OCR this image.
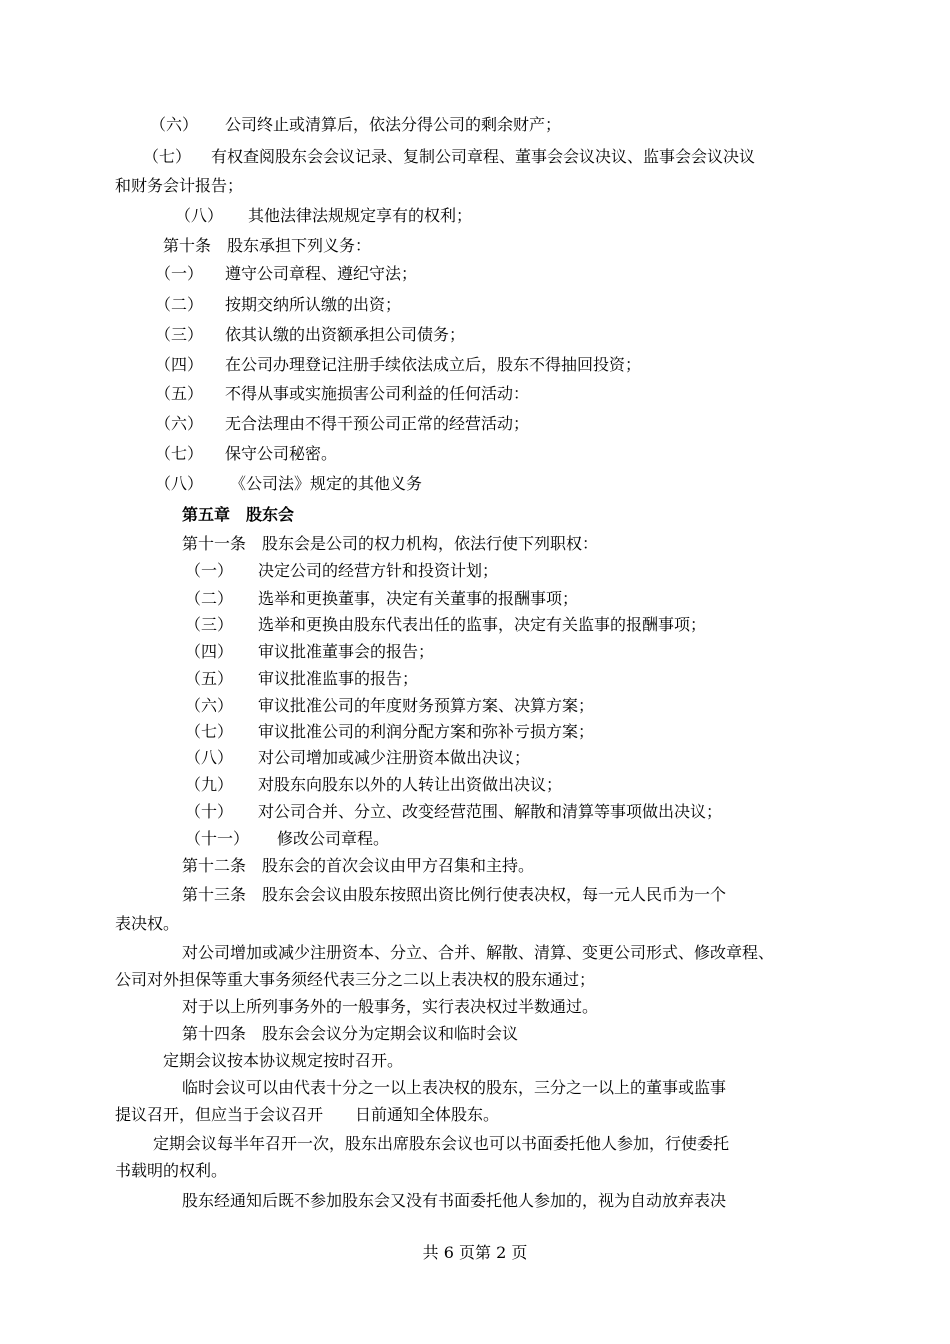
（六） 公司终止或清算后，依法分得公司的剩余财产；
（七） 有权查阅股东会会议记录、复制公司章程、董事会会议决议、监事会会议决议
和财务会计报告；
（八） 其他法律法规规定享有的权利；
第十条　股东承担下列义务：
（一） 遵守公司章程、遵纪守法；
（二） 按期交纳所认缴的出资；
（三） 依其认缴的出资额承担公司债务；
（四） 在公司办理登记注册手续依法成立后，股东不得抽回投资；
（五） 不得从事或实施损害公司利益的任何活动：
（六） 无合法理由不得干预公司正常的经营活动；
（七） 保守公司秘密。
（八） 《公司法》规定的其他义务
第五章　股东会
第十一条　股东会是公司的权力机构，依法行使下列职权：
（一） 决定公司的经营方针和投资计划；
（二） 选举和更换董事，决定有关董事的报酬事项；
（三） 选举和更换由股东代表出任的监事，决定有关监事的报酬事项；
（四） 审议批准董事会的报告；
（五） 审议批准监事的报告；
（六） 审议批准公司的年度财务预算方案、决算方案；
（七） 审议批准公司的利润分配方案和弥补亏损方案；
（八） 对公司增加或减少注册资本做出决议；
（九） 对股东向股东以外的人转让出资做出决议；
（十） 对公司合并、分立、改变经营范围、解散和清算等事项做出决议；
（十一） 修改公司章程。
第十二条　股东会的首次会议由甲方召集和主持。
第十三条　股东会会议由股东按照出资比例行使表决权，每一元人民币为一个
表决权。
对公司增加或减少注册资本、分立、合并、解散、清算、变更公司形式、修改章程、
公司对外担保等重大事务须经代表三分之二以上表决权的股东通过；
对于以上所列事务外的一般事务，实行表决权过半数通过。
第十四条　股东会会议分为定期会议和临时会议
定期会议按本协议规定按时召开。
临时会议可以由代表十分之一以上表决权的股东，三分之一以上的董事或监事
提议召开，但应当于会议召开　　日前通知全体股东。
定期会议每半年召开一次，股东出席股东会议也可以书面委托他人参加，行使委托
书载明的权利。
股东经通知后既不参加股东会又没有书面委托他人参加的，视为自动放弃表决
共 6 页第 2 页
